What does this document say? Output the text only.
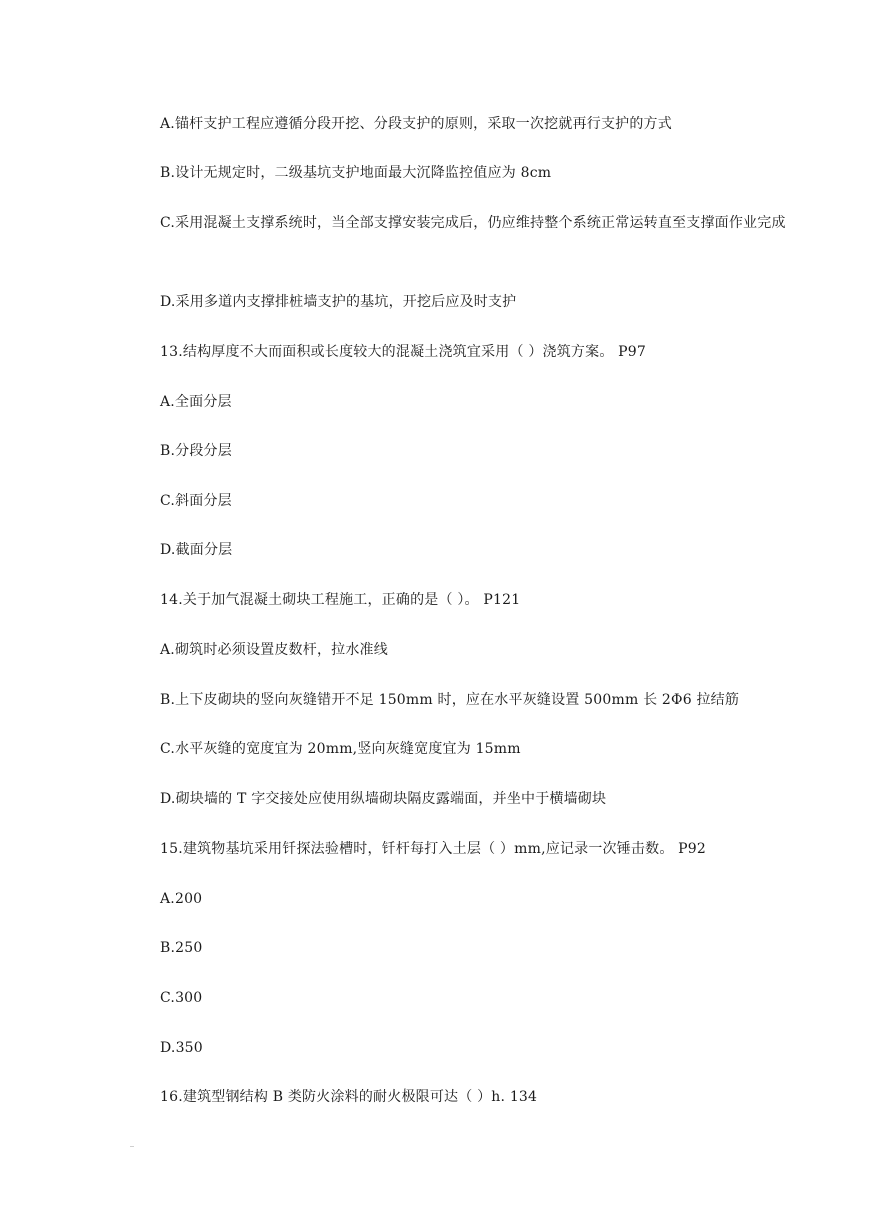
A.锚杆支护工程应遵循分段开挖、分段支护的原则，采取一次挖就再行支护的方式
B.设计无规定时，二级基坑支护地面最大沉降监控值应为 8cm
C.采用混凝土支撑系统时，当全部支撑安装完成后，仍应维持整个系统正常运转直至支撑面作业完成
D.采用多道内支撑排桩墙支护的基坑，开挖后应及时支护
13.结构厚度不大而面积或长度较大的混凝土浇筑宜采用（ ）浇筑方案。 P97
A.全面分层
B.分段分层
C.斜面分层
D.截面分层
14.关于加气混凝土砌块工程施工，正确的是（ ）。 P121
A.砌筑时必须设置皮数杆，拉水准线
B.上下皮砌块的竖向灰缝错开不足 150mm 时，应在水平灰缝设置 500mm 长 2Φ6 拉结筋
C.水平灰缝的宽度宜为 20mm,竖向灰缝宽度宜为 15mm
D.砌块墙的 T 字交接处应使用纵墙砌块隔皮露端面，并坐中于横墙砌块
15.建筑物基坑采用钎探法验槽时，钎杆每打入土层（ ）mm,应记录一次锤击数。 P92
A.200
B.250
C.300
D.350
16.建筑型钢结构 B 类防火涂料的耐火极限可达（ ）h. 134
